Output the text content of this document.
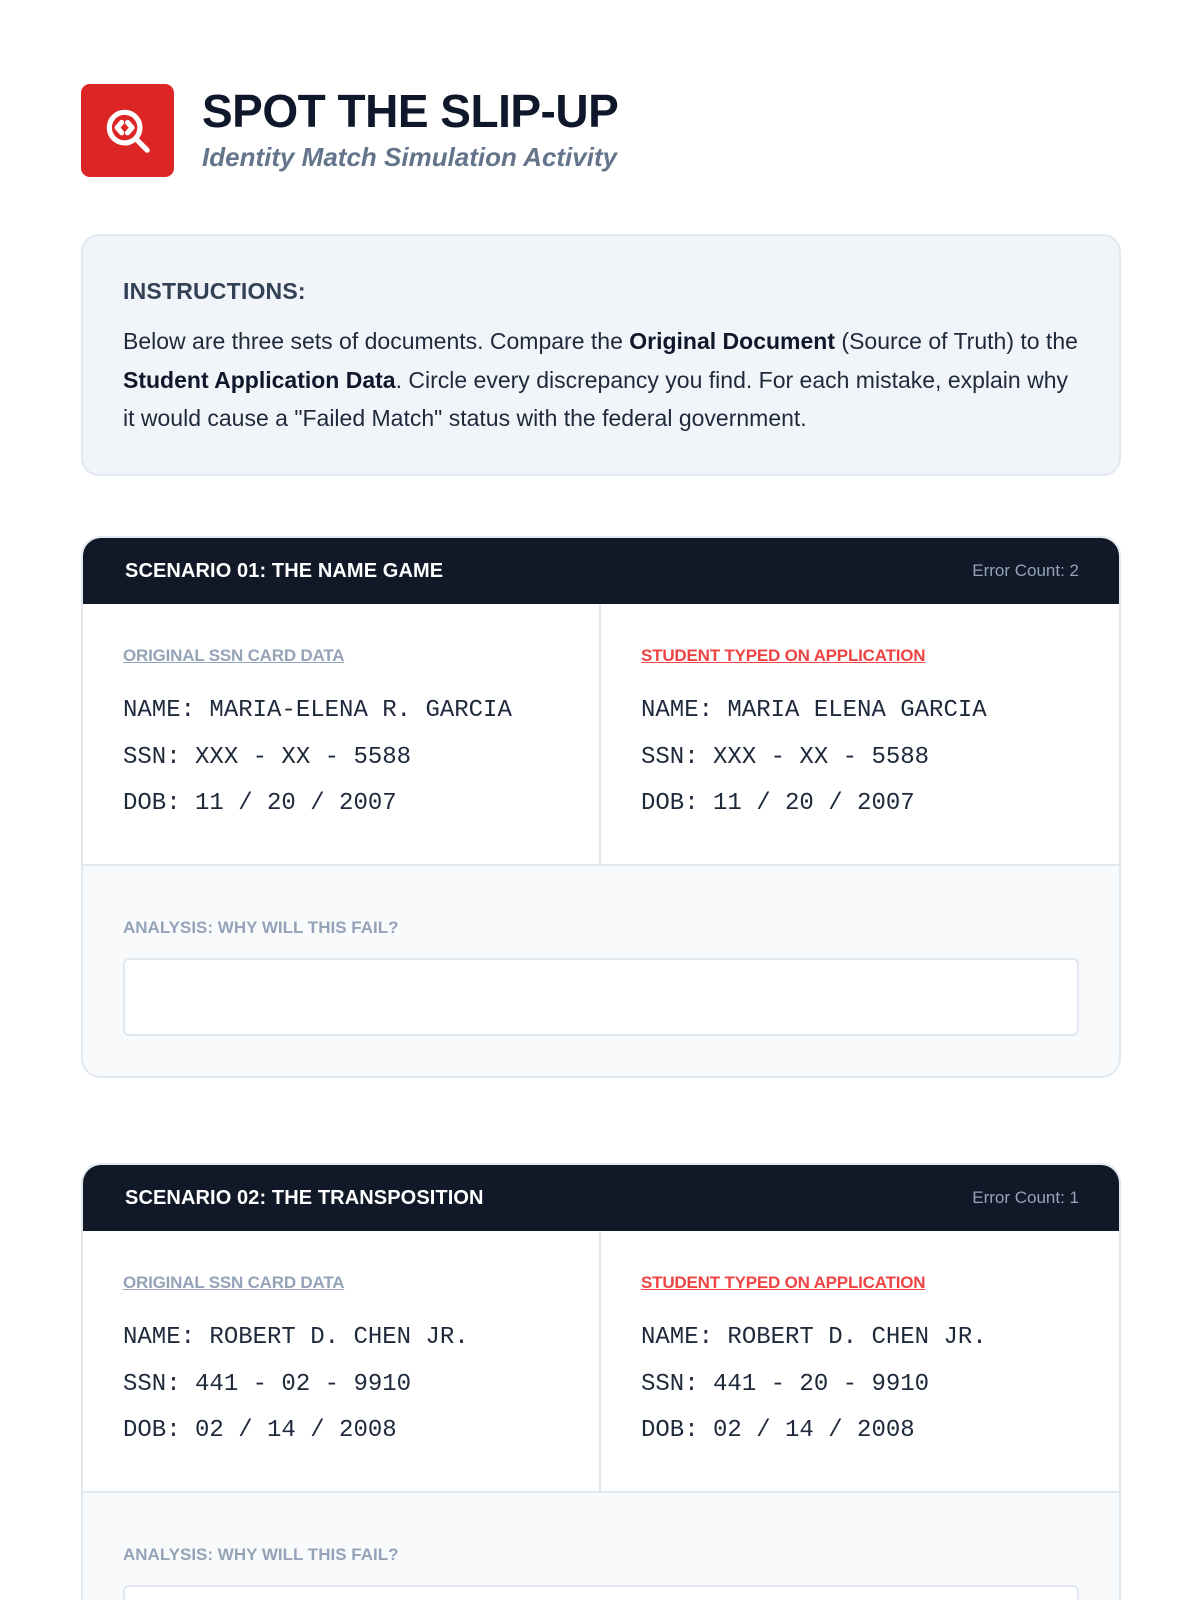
SPOT THE SLIP-UP
Identity Match Simulation Activity
INSTRUCTIONS:
Below are three sets of documents. Compare the Original Document (Source of Truth) to the Student Application Data. Circle every discrepancy you find. For each mistake, explain why it would cause a "Failed Match" status with the federal government.
SCENARIO 01: THE NAME GAME	Error Count: 2
ORIGINAL SSN CARD DATA
NAME: MARIA-ELENA R. GARCIA
SSN: XXX - XX - 5588
DOB: 11 / 20 / 2007
STUDENT TYPED ON APPLICATION
NAME: MARIA ELENA GARCIA
SSN: XXX - XX - 5588
DOB: 11 / 20 / 2007
ANALYSIS: WHY WILL THIS FAIL?
SCENARIO 02: THE TRANSPOSITION	Error Count: 1
ORIGINAL SSN CARD DATA
NAME: ROBERT D. CHEN JR.
SSN: 441 - 02 - 9910
DOB: 02 / 14 / 2008
STUDENT TYPED ON APPLICATION
NAME: ROBERT D. CHEN JR.
SSN: 441 - 20 - 9910
DOB: 02 / 14 / 2008
ANALYSIS: WHY WILL THIS FAIL?
